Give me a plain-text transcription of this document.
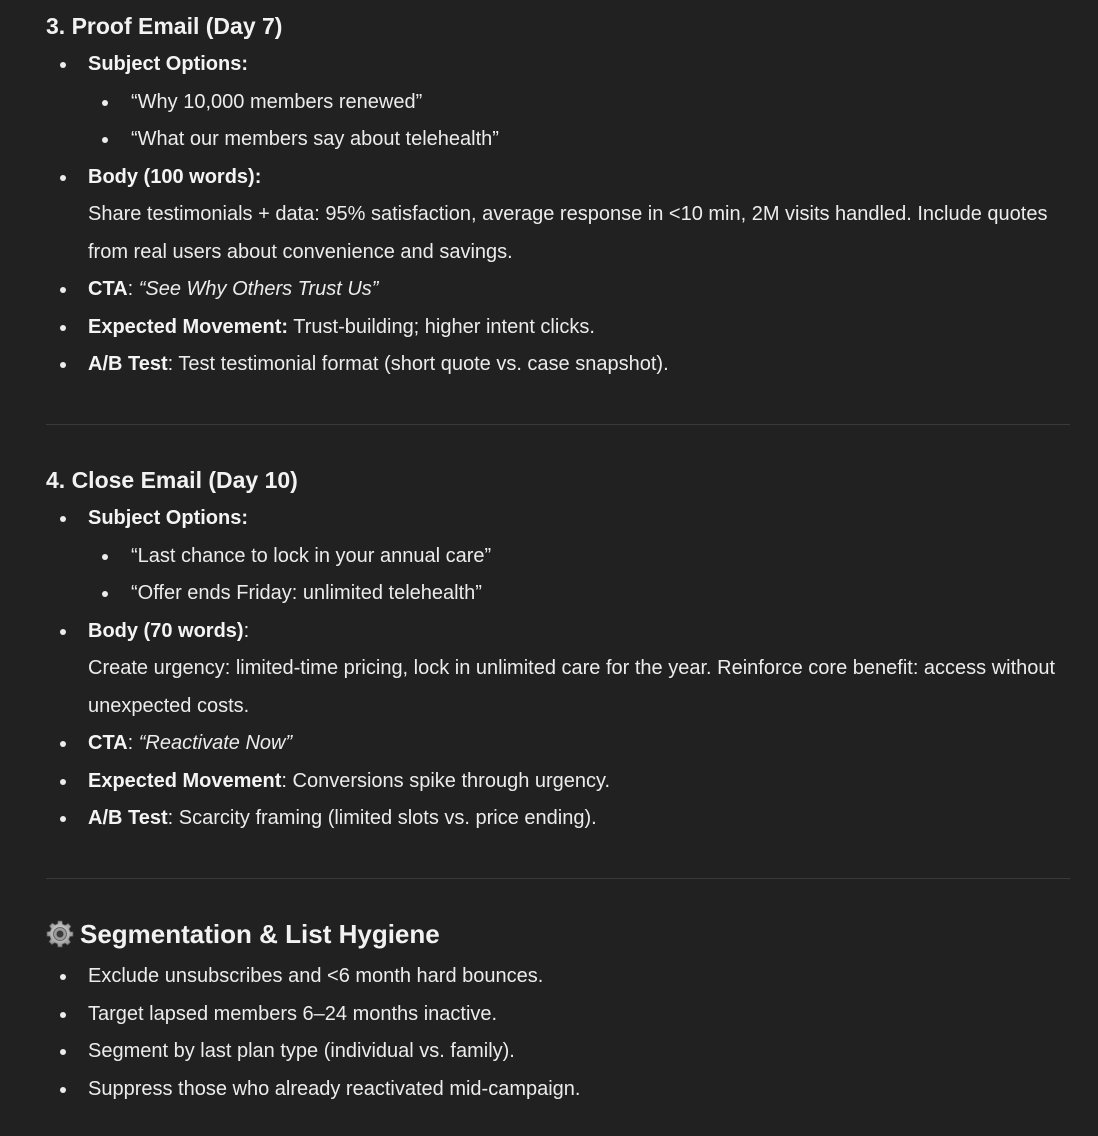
3. Proof Email (Day 7)
Subject Options:
“Why 10,000 members renewed”
“What our members say about telehealth”
Body (100 words):
Share testimonials + data: 95% satisfaction, average response in <10 min, 2M visits handled. Include quotes from real users about convenience and savings.
CTA: “See Why Others Trust Us”
Expected Movement: Trust-building; higher intent clicks.
A/B Test: Test testimonial format (short quote vs. case snapshot).
4. Close Email (Day 10)
Subject Options:
“Last chance to lock in your annual care”
“Offer ends Friday: unlimited telehealth”
Body (70 words):
Create urgency: limited-time pricing, lock in unlimited care for the year. Reinforce core benefit: access without unexpected costs.
CTA: “Reactivate Now”
Expected Movement: Conversions spike through urgency.
A/B Test: Scarcity framing (limited slots vs. price ending).
Segmentation & List Hygiene
Exclude unsubscribes and <6 month hard bounces.
Target lapsed members 6–24 months inactive.
Segment by last plan type (individual vs. family).
Suppress those who already reactivated mid-campaign.
